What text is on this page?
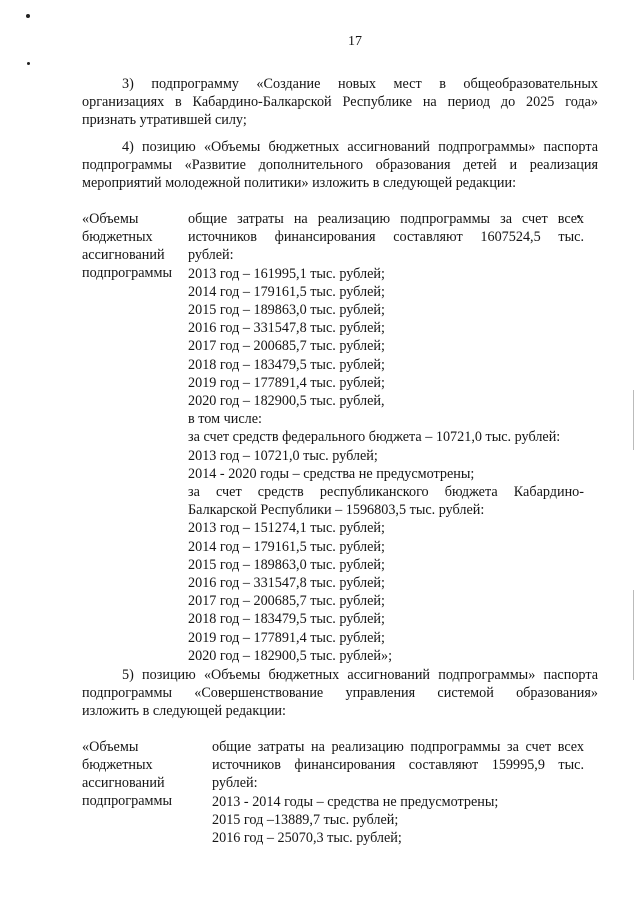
17
3) подпрограмму «Создание новых мест в общеобразовательных
организациях в Кабардино-Балкарской Республике на период до 2025 года»
признать утратившей силу;
4) позицию «Объемы бюджетных ассигнований подпрограммы» паспорта
подпрограммы «Развитие дополнительного образования детей и реализация
мероприятий молодежной политики» изложить в следующей редакции:
«Объемы
бюджетных
ассигнований
подпрограммы
общие затраты на реализацию подпрограммы за счет всех
источников финансирования составляют 1607524,5 тыс.
рублей:
2013 год – 161995,1 тыс. рублей;
2014 год – 179161,5 тыс. рублей;
2015 год – 189863,0 тыс. рублей;
2016 год – 331547,8 тыс. рублей;
2017 год – 200685,7 тыс. рублей;
2018 год – 183479,5 тыс. рублей;
2019 год – 177891,4 тыс. рублей;
2020 год – 182900,5 тыс. рублей,
в том числе:
за счет средств федерального бюджета – 10721,0 тыс. рублей:
2013 год – 10721,0 тыс. рублей;
2014 - 2020 годы – средства не предусмотрены;
за счет средств республиканского бюджета Кабардино-
Балкарской Республики – 1596803,5 тыс. рублей:
2013 год – 151274,1 тыс. рублей;
2014 год – 179161,5 тыс. рублей;
2015 год – 189863,0 тыс. рублей;
2016 год – 331547,8 тыс. рублей;
2017 год – 200685,7 тыс. рублей;
2018 год – 183479,5 тыс. рублей;
2019 год – 177891,4 тыс. рублей;
2020 год – 182900,5 тыс. рублей»;
5) позицию «Объемы бюджетных ассигнований подпрограммы» паспорта
подпрограммы «Совершенствование управления системой образования»
изложить в следующей редакции:
«Объемы
бюджетных
ассигнований
подпрограммы
общие затраты на реализацию подпрограммы за счет всех
источников финансирования составляют 159995,9 тыс.
рублей:
2013 - 2014 годы – средства не предусмотрены;
2015 год –13889,7 тыс. рублей;
2016 год – 25070,3 тыс. рублей;
